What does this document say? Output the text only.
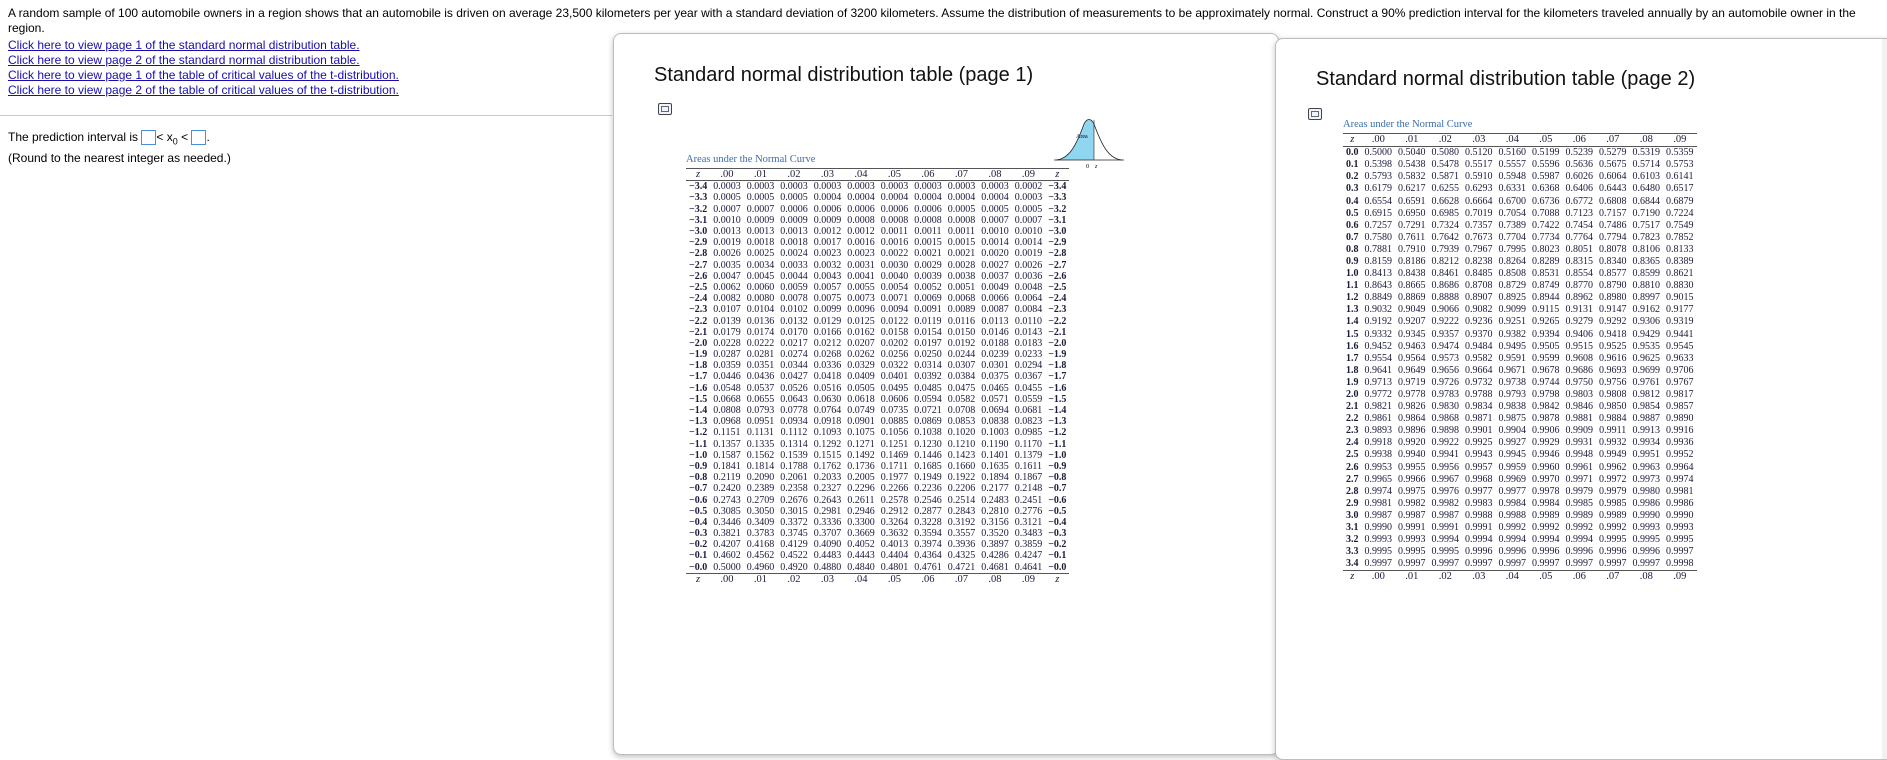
A random sample of 100 automobile owners in a region shows that an automobile is driven on average 23,500 kilometers per year with a standard deviation of 3200 kilometers. Assume the distribution of measurements to be approximately normal. Construct a 90% prediction interval for the kilometers traveled annually by an automobile owner in the region.
Click here to view page 1 of the standard normal distribution table.
Click here to view page 2 of the standard normal distribution table.
Click here to view page 1 of the table of critical values of the t-distribution.
Click here to view page 2 of the table of critical values of the t-distribution.
The prediction interval is < $x_0$ < .
(Round to the nearest integer as needed.)
Standard normal distribution table (page 1)
Area
0 z
Areas under the Normal Curve
z	.00	.01	.02	.03	.04	.05	.06	.07	.08	.09	z
−3.4	0.0003	0.0003	0.0003	0.0003	0.0003	0.0003	0.0003	0.0003	0.0003	0.0002	−3.4
−3.3	0.0005	0.0005	0.0005	0.0004	0.0004	0.0004	0.0004	0.0004	0.0004	0.0003	−3.3
−3.2	0.0007	0.0007	0.0006	0.0006	0.0006	0.0006	0.0006	0.0005	0.0005	0.0005	−3.2
−3.1	0.0010	0.0009	0.0009	0.0009	0.0008	0.0008	0.0008	0.0008	0.0007	0.0007	−3.1
−3.0	0.0013	0.0013	0.0013	0.0012	0.0012	0.0011	0.0011	0.0011	0.0010	0.0010	−3.0
−2.9	0.0019	0.0018	0.0018	0.0017	0.0016	0.0016	0.0015	0.0015	0.0014	0.0014	−2.9
−2.8	0.0026	0.0025	0.0024	0.0023	0.0023	0.0022	0.0021	0.0021	0.0020	0.0019	−2.8
−2.7	0.0035	0.0034	0.0033	0.0032	0.0031	0.0030	0.0029	0.0028	0.0027	0.0026	−2.7
−2.6	0.0047	0.0045	0.0044	0.0043	0.0041	0.0040	0.0039	0.0038	0.0037	0.0036	−2.6
−2.5	0.0062	0.0060	0.0059	0.0057	0.0055	0.0054	0.0052	0.0051	0.0049	0.0048	−2.5
−2.4	0.0082	0.0080	0.0078	0.0075	0.0073	0.0071	0.0069	0.0068	0.0066	0.0064	−2.4
−2.3	0.0107	0.0104	0.0102	0.0099	0.0096	0.0094	0.0091	0.0089	0.0087	0.0084	−2.3
−2.2	0.0139	0.0136	0.0132	0.0129	0.0125	0.0122	0.0119	0.0116	0.0113	0.0110	−2.2
−2.1	0.0179	0.0174	0.0170	0.0166	0.0162	0.0158	0.0154	0.0150	0.0146	0.0143	−2.1
−2.0	0.0228	0.0222	0.0217	0.0212	0.0207	0.0202	0.0197	0.0192	0.0188	0.0183	−2.0
−1.9	0.0287	0.0281	0.0274	0.0268	0.0262	0.0256	0.0250	0.0244	0.0239	0.0233	−1.9
−1.8	0.0359	0.0351	0.0344	0.0336	0.0329	0.0322	0.0314	0.0307	0.0301	0.0294	−1.8
−1.7	0.0446	0.0436	0.0427	0.0418	0.0409	0.0401	0.0392	0.0384	0.0375	0.0367	−1.7
−1.6	0.0548	0.0537	0.0526	0.0516	0.0505	0.0495	0.0485	0.0475	0.0465	0.0455	−1.6
−1.5	0.0668	0.0655	0.0643	0.0630	0.0618	0.0606	0.0594	0.0582	0.0571	0.0559	−1.5
−1.4	0.0808	0.0793	0.0778	0.0764	0.0749	0.0735	0.0721	0.0708	0.0694	0.0681	−1.4
−1.3	0.0968	0.0951	0.0934	0.0918	0.0901	0.0885	0.0869	0.0853	0.0838	0.0823	−1.3
−1.2	0.1151	0.1131	0.1112	0.1093	0.1075	0.1056	0.1038	0.1020	0.1003	0.0985	−1.2
−1.1	0.1357	0.1335	0.1314	0.1292	0.1271	0.1251	0.1230	0.1210	0.1190	0.1170	−1.1
−1.0	0.1587	0.1562	0.1539	0.1515	0.1492	0.1469	0.1446	0.1423	0.1401	0.1379	−1.0
−0.9	0.1841	0.1814	0.1788	0.1762	0.1736	0.1711	0.1685	0.1660	0.1635	0.1611	−0.9
−0.8	0.2119	0.2090	0.2061	0.2033	0.2005	0.1977	0.1949	0.1922	0.1894	0.1867	−0.8
−0.7	0.2420	0.2389	0.2358	0.2327	0.2296	0.2266	0.2236	0.2206	0.2177	0.2148	−0.7
−0.6	0.2743	0.2709	0.2676	0.2643	0.2611	0.2578	0.2546	0.2514	0.2483	0.2451	−0.6
−0.5	0.3085	0.3050	0.3015	0.2981	0.2946	0.2912	0.2877	0.2843	0.2810	0.2776	−0.5
−0.4	0.3446	0.3409	0.3372	0.3336	0.3300	0.3264	0.3228	0.3192	0.3156	0.3121	−0.4
−0.3	0.3821	0.3783	0.3745	0.3707	0.3669	0.3632	0.3594	0.3557	0.3520	0.3483	−0.3
−0.2	0.4207	0.4168	0.4129	0.4090	0.4052	0.4013	0.3974	0.3936	0.3897	0.3859	−0.2
−0.1	0.4602	0.4562	0.4522	0.4483	0.4443	0.4404	0.4364	0.4325	0.4286	0.4247	−0.1
−0.0	0.5000	0.4960	0.4920	0.4880	0.4840	0.4801	0.4761	0.4721	0.4681	0.4641	−0.0
z	.00	.01	.02	.03	.04	.05	.06	.07	.08	.09	z
Standard normal distribution table (page 2)
Areas under the Normal Curve
z	.00	.01	.02	.03	.04	.05	.06	.07	.08	.09
0.0	0.5000	0.5040	0.5080	0.5120	0.5160	0.5199	0.5239	0.5279	0.5319	0.5359
0.1	0.5398	0.5438	0.5478	0.5517	0.5557	0.5596	0.5636	0.5675	0.5714	0.5753
0.2	0.5793	0.5832	0.5871	0.5910	0.5948	0.5987	0.6026	0.6064	0.6103	0.6141
0.3	0.6179	0.6217	0.6255	0.6293	0.6331	0.6368	0.6406	0.6443	0.6480	0.6517
0.4	0.6554	0.6591	0.6628	0.6664	0.6700	0.6736	0.6772	0.6808	0.6844	0.6879
0.5	0.6915	0.6950	0.6985	0.7019	0.7054	0.7088	0.7123	0.7157	0.7190	0.7224
0.6	0.7257	0.7291	0.7324	0.7357	0.7389	0.7422	0.7454	0.7486	0.7517	0.7549
0.7	0.7580	0.7611	0.7642	0.7673	0.7704	0.7734	0.7764	0.7794	0.7823	0.7852
0.8	0.7881	0.7910	0.7939	0.7967	0.7995	0.8023	0.8051	0.8078	0.8106	0.8133
0.9	0.8159	0.8186	0.8212	0.8238	0.8264	0.8289	0.8315	0.8340	0.8365	0.8389
1.0	0.8413	0.8438	0.8461	0.8485	0.8508	0.8531	0.8554	0.8577	0.8599	0.8621
1.1	0.8643	0.8665	0.8686	0.8708	0.8729	0.8749	0.8770	0.8790	0.8810	0.8830
1.2	0.8849	0.8869	0.8888	0.8907	0.8925	0.8944	0.8962	0.8980	0.8997	0.9015
1.3	0.9032	0.9049	0.9066	0.9082	0.9099	0.9115	0.9131	0.9147	0.9162	0.9177
1.4	0.9192	0.9207	0.9222	0.9236	0.9251	0.9265	0.9279	0.9292	0.9306	0.9319
1.5	0.9332	0.9345	0.9357	0.9370	0.9382	0.9394	0.9406	0.9418	0.9429	0.9441
1.6	0.9452	0.9463	0.9474	0.9484	0.9495	0.9505	0.9515	0.9525	0.9535	0.9545
1.7	0.9554	0.9564	0.9573	0.9582	0.9591	0.9599	0.9608	0.9616	0.9625	0.9633
1.8	0.9641	0.9649	0.9656	0.9664	0.9671	0.9678	0.9686	0.9693	0.9699	0.9706
1.9	0.9713	0.9719	0.9726	0.9732	0.9738	0.9744	0.9750	0.9756	0.9761	0.9767
2.0	0.9772	0.9778	0.9783	0.9788	0.9793	0.9798	0.9803	0.9808	0.9812	0.9817
2.1	0.9821	0.9826	0.9830	0.9834	0.9838	0.9842	0.9846	0.9850	0.9854	0.9857
2.2	0.9861	0.9864	0.9868	0.9871	0.9875	0.9878	0.9881	0.9884	0.9887	0.9890
2.3	0.9893	0.9896	0.9898	0.9901	0.9904	0.9906	0.9909	0.9911	0.9913	0.9916
2.4	0.9918	0.9920	0.9922	0.9925	0.9927	0.9929	0.9931	0.9932	0.9934	0.9936
2.5	0.9938	0.9940	0.9941	0.9943	0.9945	0.9946	0.9948	0.9949	0.9951	0.9952
2.6	0.9953	0.9955	0.9956	0.9957	0.9959	0.9960	0.9961	0.9962	0.9963	0.9964
2.7	0.9965	0.9966	0.9967	0.9968	0.9969	0.9970	0.9971	0.9972	0.9973	0.9974
2.8	0.9974	0.9975	0.9976	0.9977	0.9977	0.9978	0.9979	0.9979	0.9980	0.9981
2.9	0.9981	0.9982	0.9982	0.9983	0.9984	0.9984	0.9985	0.9985	0.9986	0.9986
3.0	0.9987	0.9987	0.9987	0.9988	0.9988	0.9989	0.9989	0.9989	0.9990	0.9990
3.1	0.9990	0.9991	0.9991	0.9991	0.9992	0.9992	0.9992	0.9992	0.9993	0.9993
3.2	0.9993	0.9993	0.9994	0.9994	0.9994	0.9994	0.9994	0.9995	0.9995	0.9995
3.3	0.9995	0.9995	0.9995	0.9996	0.9996	0.9996	0.9996	0.9996	0.9996	0.9997
3.4	0.9997	0.9997	0.9997	0.9997	0.9997	0.9997	0.9997	0.9997	0.9997	0.9998
z	.00	.01	.02	.03	.04	.05	.06	.07	.08	.09
